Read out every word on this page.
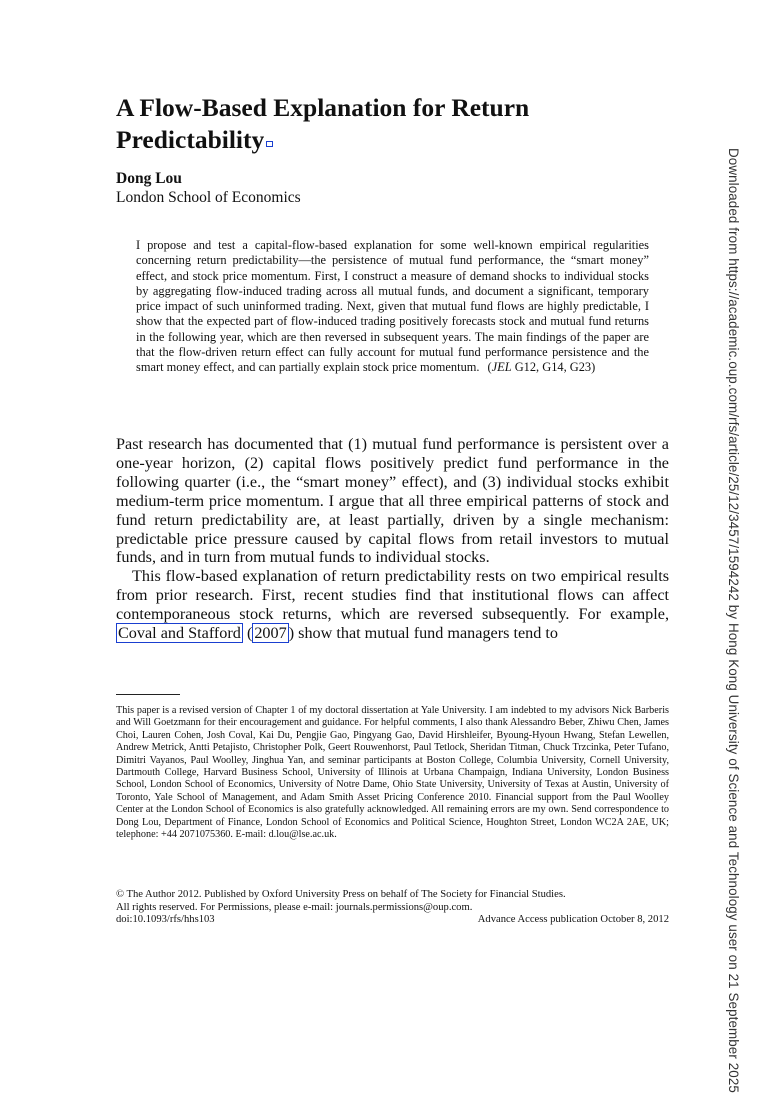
A Flow-Based Explanation for Return Predictability
Dong Lou
London School of Economics

I propose and test a capital-flow-based explanation for some well-known empirical regularities concerning return predictability—the persistence of mutual fund performance, the “smart money” effect, and stock price momentum. First, I construct a measure of demand shocks to individual stocks by aggregating flow-induced trading across all mutual funds, and document a significant, temporary price impact of such uninformed trading. Next, given that mutual fund flows are highly predictable, I show that the expected part of flow-induced trading positively forecasts stock and mutual fund returns in the following year, which are then reversed in subsequent years. The main findings of the paper are that the flow-driven return effect can fully account for mutual fund performance persistence and the smart money effect, and can partially explain stock price momentum. (JEL G12, G14, G23)

Past research has documented that (1) mutual fund performance is persistent over a one-year horizon, (2) capital flows positively predict fund performance in the following quarter (i.e., the “smart money” effect), and (3) individual stocks exhibit medium-term price momentum. I argue that all three empirical patterns of stock and fund return predictability are, at least partially, driven by a single mechanism: predictable price pressure caused by capital flows from retail investors to mutual funds, and in turn from mutual funds to individual stocks.

This flow-based explanation of return predictability rests on two empirical results from prior research. First, recent studies find that institutional flows can affect contemporaneous stock returns, which are reversed subsequently. For example, Coval and Stafford ( 2007 ) show that mutual fund managers tend to

This paper is a revised version of Chapter 1 of my doctoral dissertation at Yale University. I am indebted to my advisors Nick Barberis and Will Goetzmann for their encouragement and guidance. For helpful comments, I also thank Alessandro Beber, Zhiwu Chen, James Choi, Lauren Cohen, Josh Coval, Kai Du, Pengjie Gao, Pingyang Gao, David Hirshleifer, Byoung-Hyoun Hwang, Stefan Lewellen, Andrew Metrick, Antti Petajisto, Christopher Polk, Geert Rouwenhorst, Paul Tetlock, Sheridan Titman, Chuck Trzcinka, Peter Tufano, Dimitri Vayanos, Paul Woolley, Jinghua Yan, and seminar participants at Boston College, Columbia University, Cornell University, Dartmouth College, Harvard Business School, University of Illinois at Urbana Champaign, Indiana University, London Business School, London School of Economics, University of Notre Dame, Ohio State University, University of Texas at Austin, University of Toronto, Yale School of Management, and Adam Smith Asset Pricing Conference 2010. Financial support from the Paul Woolley Center at the London School of Economics is also gratefully acknowledged. All remaining errors are my own. Send correspondence to Dong Lou, Department of Finance, London School of Economics and Political Science, Houghton Street, London WC2A 2AE, UK; telephone: +44 2071075360. E-mail: d.lou@lse.ac.uk.

© The Author 2012. Published by Oxford University Press on behalf of The Society for Financial Studies.
All rights reserved. For Permissions, please e-mail: journals.permissions@oup.com.
doi:10.1093/rfs/hhs103	Advance Access publication October 8, 2012	Downloaded from https://academic.oup.com/rfs/article/25/12/3457/1594242 by Hong Kong University of Science and Technology user on 21 September 2025
